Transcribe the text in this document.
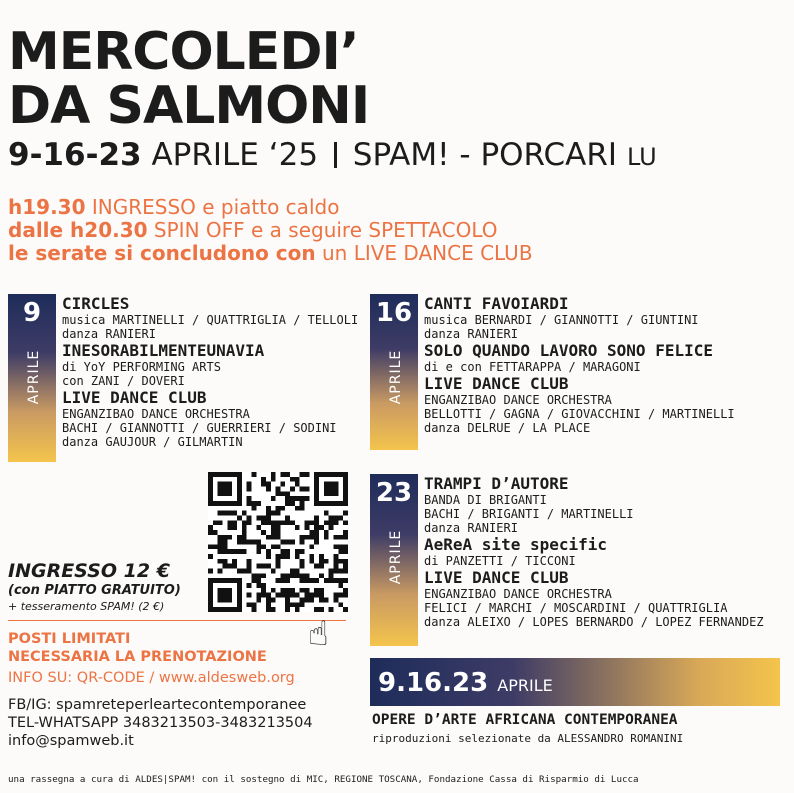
MERCOLEDI’
DA SALMONI
9-16-23 APRILE ‘25 SPAM! - PORCARI LU
h19.30 INGRESSO e piatto caldo
dalle h20.30 SPIN OFF e a seguire SPETTACOLO
le serate si concludono con un LIVE DANCE CLUB
9
APRILE
CIRCLES
musica MARTINELLI / QUATTRIGLIA / TELLOLI
danza RANIERI
INESORABILMENTEUNAVIA
di YoY PERFORMING ARTS
con ZANI / DOVERI
LIVE DANCE CLUB
ENGANZIBAO DANCE ORCHESTRA
BACHI / GIANNOTTI / GUERRIERI / SODINI
danza GAUJOUR / GILMARTIN
16
APRILE
CANTI FAVOIARDI
musica BERNARDI / GIANNOTTI / GIUNTINI
danza RANIERI
SOLO QUANDO LAVORO SONO FELICE
di e con FETTARAPPA / MARAGONI
LIVE DANCE CLUB
ENGANZIBAO DANCE ORCHESTRA
BELLOTTI / GAGNA / GIOVACCHINI / MARTINELLI
danza DELRUE / LA PLACE
23
APRILE
TRAMPI D’AUTORE
BANDA DI BRIGANTI
BACHI / BRIGANTI / MARTINELLI
danza RANIERI
AeReA site specific
di PANZETTI / TICCONI
LIVE DANCE CLUB
ENGANZIBAO DANCE ORCHESTRA
FELICI / MARCHI / MOSCARDINI / QUATTRIGLIA
danza ALEIXO / LOPES BERNARDO / LOPEZ FERNANDEZ
INGRESSO 12 €
(con PIATTO GRATUITO)
+ tesseramento SPAM! (2 €)
POSTI LIMITATI
NECESSARIA LA PRENOTAZIONE
INFO SU: QR-CODE / www.aldesweb.org
☝
FB/IG: spamreteperleartecontemporanee
TEL-WHATSAPP 3483213503-3483213504
info@spamweb.it
9.16.23 APRILE
OPERE D’ARTE AFRICANA CONTEMPORANEA
riproduzioni selezionate da ALESSANDRO ROMANINI
una rassegna a cura di ALDES|SPAM! con il sostegno di MIC, REGIONE TOSCANA, Fondazione Cassa di Risparmio di Lucca
